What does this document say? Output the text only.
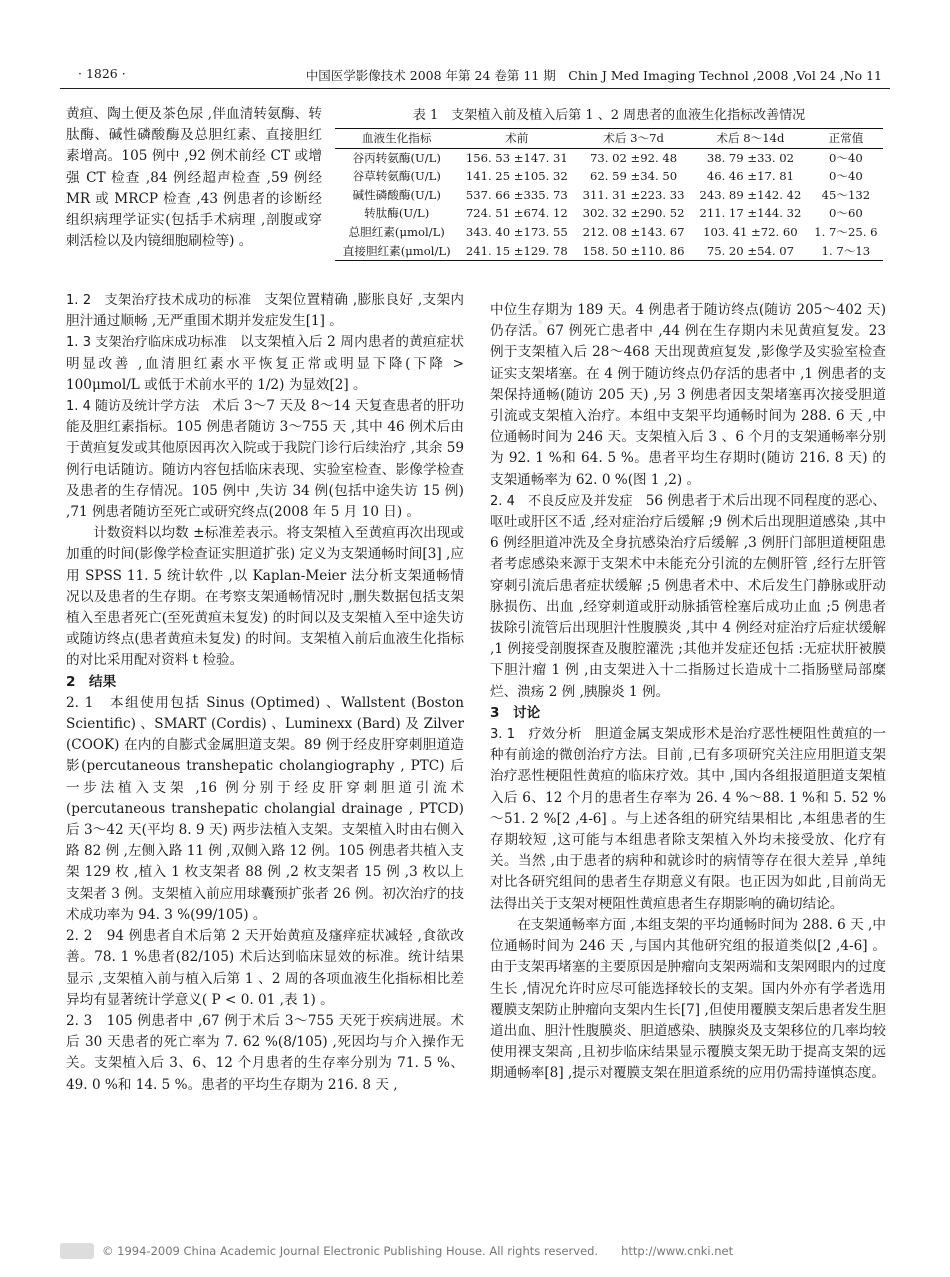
· 1826 ·	中国医学影像技术 2008 年第 24 卷第 11 期　Chin J Med Imaging Technol ,2008 ,Vol 24 ,No 11
·····
表 1　支架植入前及植入后第 1 、2 周患者的血液生化指标改善情况
血液生化指标	术前	术后 3～7d	术后 8～14d	正常值
谷丙转氨酶(U/L)	156. 53 ±147. 31	73. 02 ±92. 48	38. 79 ±33. 02	0～40
谷草转氨酶(U/L)	141. 25 ±105. 32	62. 59 ±34. 50	46. 46 ±17. 81	0～40
碱性磷酸酶(U/L)	537. 66 ±335. 73	311. 31 ±223. 33	243. 89 ±142. 42	45～132
转肽酶(U/L)	724. 51 ±674. 12	302. 32 ±290. 52	211. 17 ±144. 32	0～60
总胆红素(μmol/L)	343. 40 ±173. 55	212. 08 ±143. 67	103. 41 ±72. 60	1. 7～25. 6
直接胆红素(μmol/L)	241. 15 ±129. 78	158. 50 ±110. 86	75. 20 ±54. 07	1. 7～13

黄疸、陶土便及茶色尿 ,伴血清转氨酶、转肽酶、碱性磷酸酶及总胆红素、直接胆红素增高。105 例中 ,92 例术前经 CT 或增强 CT 检查 ,84 例经超声检查 ,59 例经 MR 或 MRCP 检查 ,43 例患者的诊断经组织病理学证实(包括手术病理 ,剖腹或穿刺活检以及内镜细胞刷检等) 。

1. 2　支架治疗技术成功的标准　支架位置精确 ,膨胀良好 ,支架内胆汁通过顺畅 ,无严重围术期并发症发生[1] 。

1. 3 支架治疗临床成功标准　以支架植入后 2 周内患者的黄疸症状明显改善 ,血清胆红素水平恢复正常或明显下降(下降 > 100μmol/L 或低于术前水平的 1/2) 为显效[2] 。

1. 4 随访及统计学方法　术后 3～7 天及 8～14 天复查患者的肝功能及胆红素指标。105 例患者随访 3～755 天 ,其中 46 例术后由于黄疸复发或其他原因再次入院或于我院门诊行后续治疗 ,其余 59 例行电话随访。随访内容包括临床表现、实验室检查、影像学检查及患者的生存情况。105 例中 ,失访 34 例(包括中途失访 15 例) ,71 例患者随访至死亡或研究终点(2008 年 5 月 10 日) 。

计数资料以均数 ±标准差表示。将支架植入至黄疸再次出现或加重的时间(影像学检查证实胆道扩张) 定义为支架通畅时间[3] ,应用 SPSS 11. 5 统计软件 ,以 Kaplan-Meier 法分析支架通畅情况以及患者的生存期。在考察支架通畅情况时 ,删失数据包括支架植入至患者死亡(至死黄疸未复发) 的时间以及支架植入至中途失访或随访终点(患者黄疸未复发) 的时间。支架植入前后血液生化指标的对比采用配对资料 t 检验。

2　结果

2. 1　本组使用包括 Sinus (Optimed) 、Wallstent (Boston Scientific) 、SMART (Cordis) 、Luminexx (Bard) 及 Zilver (COOK) 在内的自膨式金属胆道支架。89 例于经皮肝穿刺胆道造影(percutaneous transhepatic cholangiography , PTC) 后一步法植入支架 ,16 例分别于经皮肝穿刺胆道引流术(percutaneous transhepatic cholangial drainage , PTCD) 后 3～42 天(平均 8. 9 天) 两步法植入支架。支架植入时由右侧入路 82 例 ,左侧入路 11 例 ,双侧入路 12 例。105 例患者共植入支架 129 枚 ,植入 1 枚支架者 88 例 ,2 枚支架者 15 例 ,3 枚以上支架者 3 例。支架植入前应用球囊预扩张者 26 例。初次治疗的技术成功率为 94. 3 %(99/105) 。

2. 2　94 例患者自术后第 2 天开始黄疸及瘙痒症状减轻 ,食欲改善。78. 1 %患者(82/105) 术后达到临床显效的标准。统计结果显示 ,支架植入前与植入后第 1 、2 周的各项血液生化指标相比差异均有显著统计学意义( P < 0. 01 ,表 1) 。

2. 3　105 例患者中 ,67 例于术后 3～755 天死于疾病进展。术后 30 天患者的死亡率为 7. 62 %(8/105) ,死因均与介入操作无关。支架植入后 3、6、12 个月患者的生存率分别为 71. 5 %、49. 0 %和 14. 5 %。患者的平均生存期为 216. 8 天 ,

中位生存期为 189 天。4 例患者于随访终点(随访 205～402 天) 仍存活。67 例死亡患者中 ,44 例在生存期内未见黄疸复发。23 例于支架植入后 28～468 天出现黄疸复发 ,影像学及实验室检查证实支架堵塞。在 4 例于随访终点仍存活的患者中 ,1 例患者的支架保持通畅(随访 205 天) ,另 3 例患者因支架堵塞再次接受胆道引流或支架植入治疗。本组中支架平均通畅时间为 288. 6 天 ,中位通畅时间为 246 天。支架植入后 3 、6 个月的支架通畅率分别为 92. 1 %和 64. 5 %。患者平均生存期时(随访 216. 8 天) 的支架通畅率为 62. 0 %(图 1 ,2) 。

2. 4　不良反应及并发症　56 例患者于术后出现不同程度的恶心、呕吐或肝区不适 ,经对症治疗后缓解 ;9 例术后出现胆道感染 ,其中 6 例经胆道冲洗及全身抗感染治疗后缓解 ,3 例肝门部胆道梗阻患者考虑感染来源于支架术中未能充分引流的左侧肝管 ,经行左肝管穿刺引流后患者症状缓解 ;5 例患者术中、术后发生门静脉或肝动脉损伤、出血 ,经穿刺道或肝动脉插管栓塞后成功止血 ;5 例患者拔除引流管后出现胆汁性腹膜炎 ,其中 4 例经对症治疗后症状缓解 ,1 例接受剖腹探查及腹腔灌洗 ;其他并发症还包括 :无症状肝被膜下胆汁瘤 1 例 ,由支架进入十二指肠过长造成十二指肠壁局部糜烂、溃疡 2 例 ,胰腺炎 1 例。

3　讨论

3. 1　疗效分析　胆道金属支架成形术是治疗恶性梗阻性黄疸的一种有前途的微创治疗方法。目前 ,已有多项研究关注应用胆道支架治疗恶性梗阻性黄疸的临床疗效。其中 ,国内各组报道胆道支架植入后 6、12 个月的患者生存率为 26. 4 %～88. 1 %和 5. 52 %～51. 2 %[2 ,4-6] 。与上述各组的研究结果相比 ,本组患者的生存期较短 ,这可能与本组患者除支架植入外均未接受放、化疗有关。当然 ,由于患者的病种和就诊时的病情等存在很大差异 ,单纯对比各研究组间的患者生存期意义有限。也正因为如此 ,目前尚无法得出关于支架对梗阻性黄疸患者生存期影响的确切结论。

在支架通畅率方面 ,本组支架的平均通畅时间为 288. 6 天 ,中位通畅时间为 246 天 ,与国内其他研究组的报道类似[2 ,4-6] 。由于支架再堵塞的主要原因是肿瘤向支架两端和支架网眼内的过度生长 ,情况允许时应尽可能选择较长的支架。国内外亦有学者选用覆膜支架防止肿瘤向支架内生长[7] ,但使用覆膜支架后患者发生胆道出血、胆汁性腹膜炎、胆道感染、胰腺炎及支架移位的几率均较使用裸支架高 ,且初步临床结果显示覆膜支架无助于提高支架的远期通畅率[8] ,提示对覆膜支架在胆道系统的应用仍需持谨慎态度。

© 1994-2009 China Academic Journal Electronic Publishing House. All rights reserved.　　http://www.cnki.net
